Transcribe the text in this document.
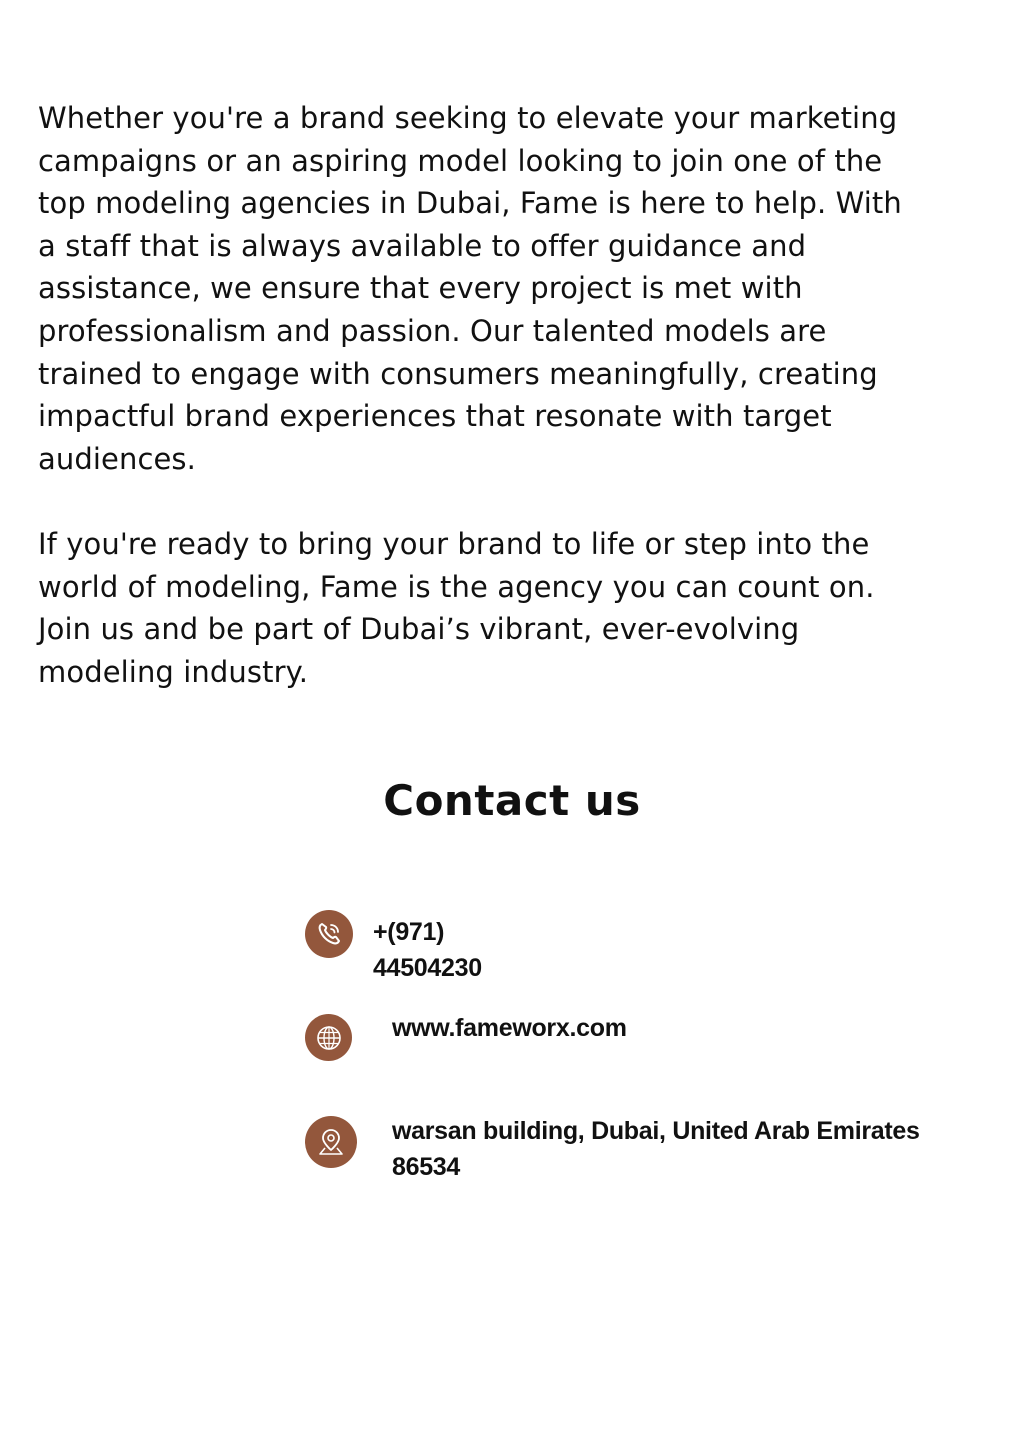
Whether you're a brand seeking to elevate your marketing
campaigns or an aspiring model looking to join one of the
top modeling agencies in Dubai, Fame is here to help. With
a staff that is always available to offer guidance and
assistance, we ensure that every project is met with
professionalism and passion. Our talented models are
trained to engage with consumers meaningfully, creating
impactful brand experiences that resonate with target
audiences.

If you're ready to bring your brand to life or step into the
world of modeling, Fame is the agency you can count on.
Join us and be part of Dubai’s vibrant, ever-evolving
modeling industry.

Contact us
+(971) 44504230
www.fameworx.com
warsan building, Dubai, United Arab Emirates
86534
